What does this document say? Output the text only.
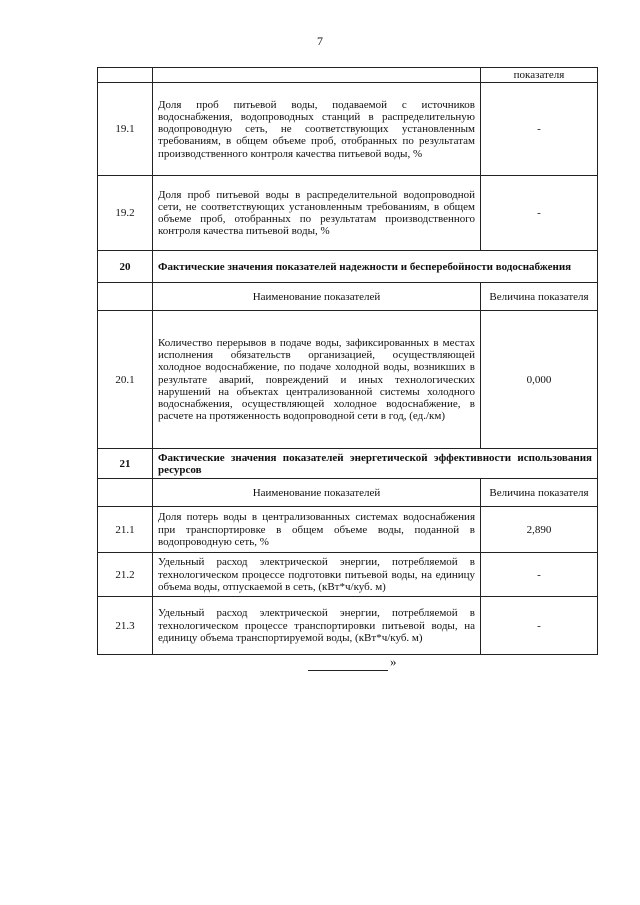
7
		показателя
19.1	Доля проб питьевой воды, подаваемой с источников водоснабжения, водопроводных станций в распределительную водопроводную сеть, не соответствующих установленным требованиям, в общем объеме проб, отобранных по результатам производственного контроля качества питьевой воды, %	-
19.2	Доля проб питьевой воды в распределительной водопроводной сети, не соответствующих установленным требованиям, в общем объеме проб, отобранных по результатам производственного контроля качества питьевой воды, %	-
20	Фактические значения показателей надежности и бесперебойности водоснабжения	
	Наименование показателей	Величина показателя
20.1	Количество перерывов в подаче воды, зафиксированных в местах исполнения обязательств организацией, осуществляющей холодное водоснабжение, по подаче холодной воды, возникших в результате аварий, повреждений и иных технологических нарушений на объектах централизованной системы холодного водоснабжения, осуществляющей холодное водоснабжение, в расчете на протяженность водопроводной сети в год, (ед./км)	0,000
21	Фактические значения показателей энергетической эффективности использования ресурсов	
	Наименование показателей	Величина показателя
21.1	Доля потерь воды в централизованных системах водоснабжения при транспортировке в общем объеме воды, поданной в водопроводную сеть, %	2,890
21.2	Удельный расход электрической энергии, потребляемой в технологическом процессе подготовки питьевой воды, на единицу объема воды, отпускаемой в сеть, (кВт*ч/куб. м)	-
21.3	Удельный расход электрической энергии, потребляемой в технологическом процессе транспортировки питьевой воды, на единицу объема транспортируемой воды, (кВт*ч/куб. м)	-
»
